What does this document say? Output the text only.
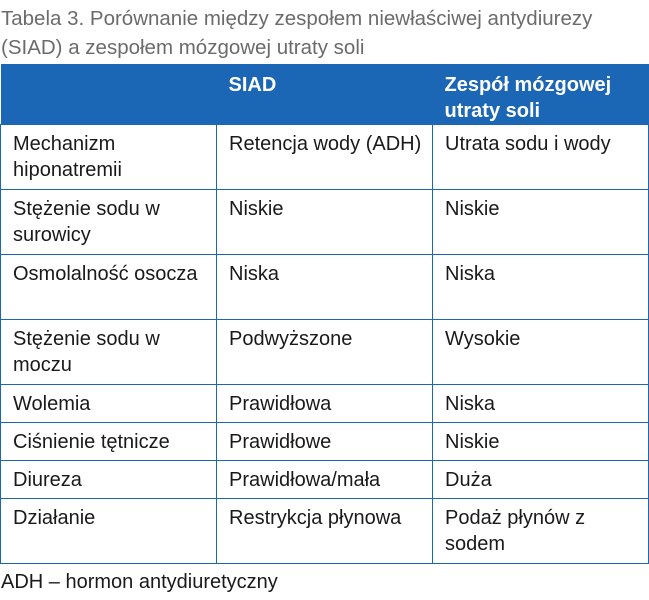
Tabela 3. Porównanie między zespołem niewłaściwej antydiurezy
(SIAD) a zespołem mózgowej utraty soli
	SIAD	Zespół mózgowej utraty soli
Mechanizm hiponatremii	Retencja wody (ADH)	Utrata sodu i wody
Stężenie sodu w surowicy	Niskie	Niskie
Osmolalność osocza	Niska	Niska
Stężenie sodu w moczu	Podwyższone	Wysokie
Wolemia	Prawidłowa	Niska
Ciśnienie tętnicze	Prawidłowe	Niskie
Diureza	Prawidłowa/mała	Duża
Działanie	Restrykcja płynowa	Podaż płynów z sodem
ADH – hormon antydiuretyczny
